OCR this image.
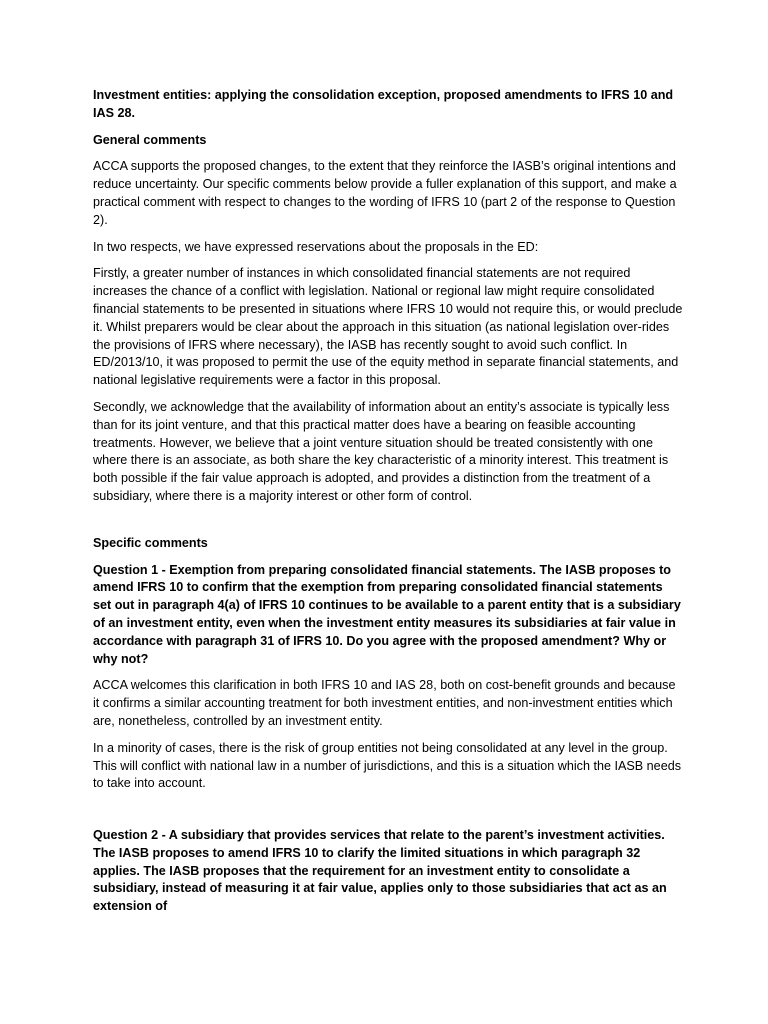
Investment entities: applying the consolidation exception, proposed amendments to IFRS 10 and IAS 28.

General comments

ACCA supports the proposed changes, to the extent that they reinforce the IASB’s original intentions and reduce uncertainty. Our specific comments below provide a fuller explanation of this support, and make a practical comment with respect to changes to the wording of IFRS 10 (part 2 of the response to Question 2).

In two respects, we have expressed reservations about the proposals in the ED:

Firstly, a greater number of instances in which consolidated financial statements are not required increases the chance of a conflict with legislation. National or regional law might require consolidated financial statements to be presented in situations where IFRS 10 would not require this, or would preclude it. Whilst preparers would be clear about the approach in this situation (as national legislation over-rides the provisions of IFRS where necessary), the IASB has recently sought to avoid such conflict. In ED/2013/10, it was proposed to permit the use of the equity method in separate financial statements, and national legislative requirements were a factor in this proposal.

Secondly, we acknowledge that the availability of information about an entity’s associate is typically less than for its joint venture, and that this practical matter does have a bearing on feasible accounting treatments. However, we believe that a joint venture situation should be treated consistently with one where there is an associate, as both share the key characteristic of a minority interest. This treatment is both possible if the fair value approach is adopted, and provides a distinction from the treatment of a subsidiary, where there is a majority interest or other form of control.

Specific comments

Question 1 - Exemption from preparing consolidated financial statements. The IASB proposes to amend IFRS 10 to confirm that the exemption from preparing consolidated financial statements set out in paragraph 4(a) of IFRS 10 continues to be available to a parent entity that is a subsidiary of an investment entity, even when the investment entity measures its subsidiaries at fair value in accordance with paragraph 31 of IFRS 10. Do you agree with the proposed amendment? Why or why not?

ACCA welcomes this clarification in both IFRS 10 and IAS 28, both on cost-benefit grounds and because it confirms a similar accounting treatment for both investment entities, and non-investment entities which are, nonetheless, controlled by an investment entity.

In a minority of cases, there is the risk of group entities not being consolidated at any level in the group. This will conflict with national law in a number of jurisdictions, and this is a situation which the IASB needs to take into account.

Question 2 - A subsidiary that provides services that relate to the parent’s investment activities. The IASB proposes to amend IFRS 10 to clarify the limited situations in which paragraph 32 applies. The IASB proposes that the requirement for an investment entity to consolidate a subsidiary, instead of measuring it at fair value, applies only to those subsidiaries that act as an extension of
